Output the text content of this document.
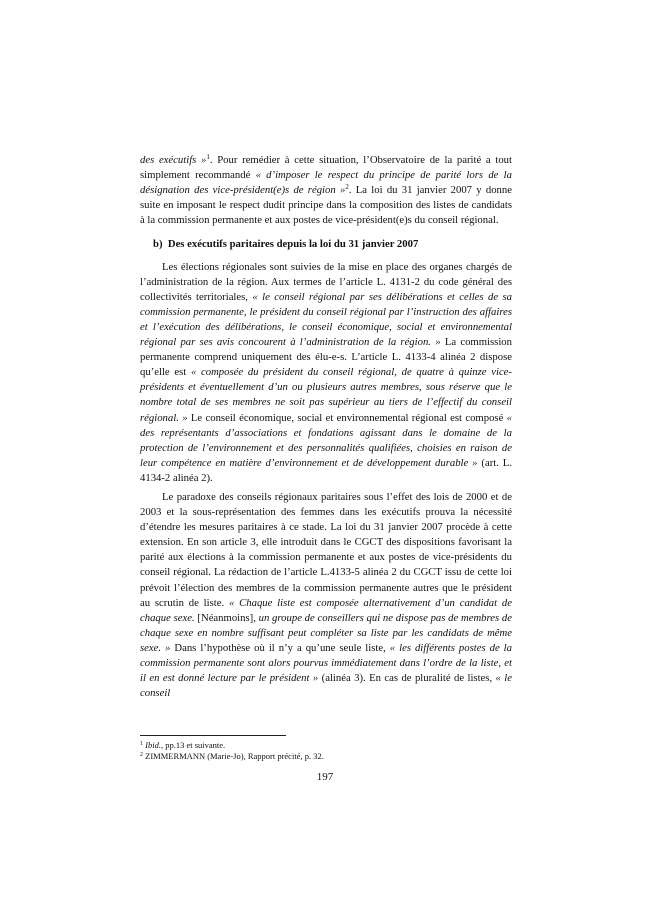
des exécutifs »$^1$. Pour remédier à cette situation, l’Observatoire de la parité a tout simplement recommandé « d’imposer le respect du principe de parité lors de la désignation des vice-président(e)s de région »$^2$. La loi du 31 janvier 2007 y donne suite en imposant le respect dudit principe dans la composition des listes de candidats à la commission permanente et aux postes de vice-président(e)s du conseil régional.

b)  Des exécutifs paritaires depuis la loi du 31 janvier 2007

Les élections régionales sont suivies de la mise en place des organes chargés de l’administration de la région. Aux termes de l’article L. 4131-2 du code général des collectivités territoriales, « le conseil régional par ses délibérations et celles de sa commission permanente, le président du conseil régional par l’instruction des affaires et l’exécution des délibérations, le conseil économique, social et environnemental régional par ses avis concourent à l’administration de la région. » La commission permanente comprend uniquement des élu-e-s. L’article L. 4133-4 alinéa 2 dispose qu’elle est « composée du président du conseil régional, de quatre à quinze vice-présidents et éventuellement d’un ou plusieurs autres membres, sous réserve que le nombre total de ses membres ne soit pas supérieur au tiers de l’effectif du conseil régional. » Le conseil économique, social et environnemental régional est composé « des représentants d’associations et fondations agissant dans le domaine de la protection de l’environnement et des personnalités qualifiées, choisies en raison de leur compétence en matière d’environnement et de développement durable » (art. L. 4134-2 alinéa 2).

Le paradoxe des conseils régionaux paritaires sous l’effet des lois de 2000 et de 2003 et la sous-représentation des femmes dans les exécutifs prouva la nécessité d’étendre les mesures paritaires à ce stade. La loi du 31 janvier 2007 procède à cette extension. En son article 3, elle introduit dans le CGCT des dispositions favorisant la parité aux élections à la commission permanente et aux postes de vice-présidents du conseil régional. La rédaction de l’article L.4133-5 alinéa 2 du CGCT issu de cette loi prévoit l’élection des membres de la commission permanente autres que le président au scrutin de liste. « Chaque liste est composée alternativement d’un candidat de chaque sexe. [Néanmoins], un groupe de conseillers qui ne dispose pas de membres de chaque sexe en nombre suffisant peut compléter sa liste par les candidats de même sexe. » Dans l’hypothèse où il n’y a qu’une seule liste, « les différents postes de la commission permanente sont alors pourvus immédiatement dans l’ordre de la liste, et il en est donné lecture par le président » (alinéa 3). En cas de pluralité de listes, « le conseil

$^1$ Ibid., pp.13 et suivante.

$^2$ ZIMMERMANN (Marie-Jo), Rapport précité, p. 32.

197
